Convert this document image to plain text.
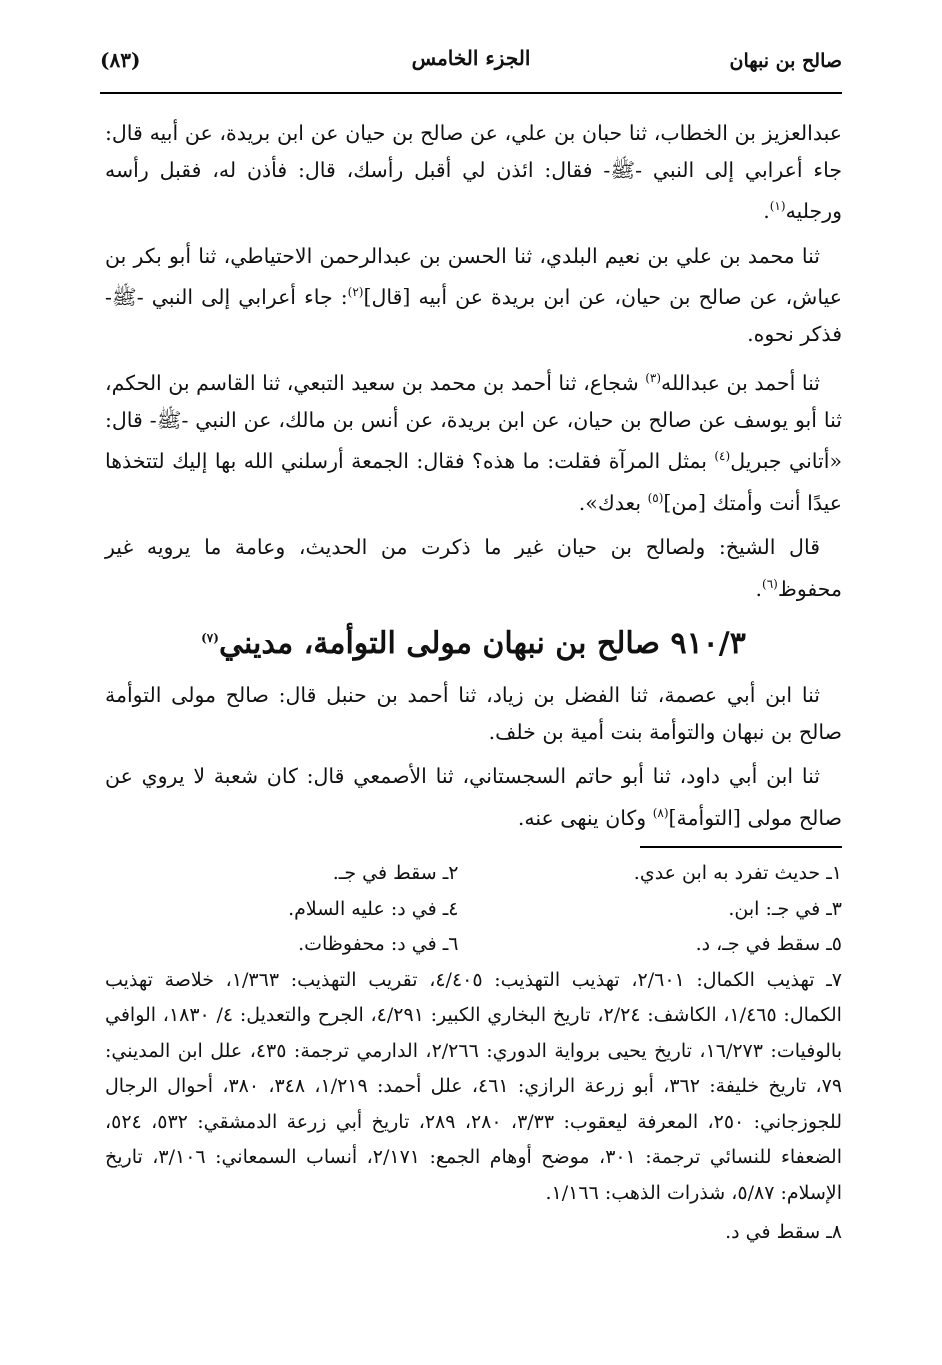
صالح بن نبهان
الجزء الخامس
(٨٣)

عبدالعزيز بن الخطاب، ثنا حبان بن علي، عن صالح بن حيان عن ابن بريدة، عن أبيه قال: جاء أعرابي إلى النبي -ﷺ- فقال: ائذن لي أقبل رأسك، قال: فأذن له، فقبل رأسه ورجليه$^{(١)}$.

ثنا محمد بن علي بن نعيم البلدي، ثنا الحسن بن عبدالرحمن الاحتياطي، ثنا أبو بكر بن عياش، عن صالح بن حيان، عن ابن بريدة عن أبيه [قال]$^{(٢)}$: جاء أعرابي إلى النبي -ﷺ- فذكر نحوه.

ثنا أحمد بن عبدالله$^{(٣)}$ شجاع، ثنا أحمد بن محمد بن سعيد التبعي، ثنا القاسم بن الحكم، ثنا أبو يوسف عن صالح بن حيان، عن ابن بريدة، عن أنس بن مالك، عن النبي -ﷺ- قال: «أتاني جبريل$^{(٤)}$ بمثل المرآة فقلت: ما هذه؟ فقال: الجمعة أرسلني الله بها إليك لتتخذها عيدًا أنت وأمتك [من]$^{(٥)}$ بعدك».

قال الشيخ: ولصالح بن حيان غير ما ذكرت من الحديث، وعامة ما يرويه غير محفوظ$^{(٦)}$.

٩١٠/٣ صالح بن نبهان مولى التوأمة، مديني$^{(٧)}$

ثنا ابن أبي عصمة، ثنا الفضل بن زياد، ثنا أحمد بن حنبل قال: صالح مولى التوأمة صالح بن نبهان والتوأمة بنت أمية بن خلف.

ثنا ابن أبي داود، ثنا أبو حاتم السجستاني، ثنا الأصمعي قال: كان شعبة لا يروي عن صالح مولى [التوأمة]$^{(٨)}$ وكان ينهى عنه.

١ـ حديث تفرد به ابن عدي.
٢ـ سقط في جـ.
٣ـ في جـ: ابن.
٤ـ في د: عليه السلام.
٥ـ سقط في جـ، د.
٦ـ في د: محفوظات.
٧ـ تهذيب الكمال: ٢/٦٠١، تهذيب التهذيب: ٤/٤٠٥، تقريب التهذيب: ١/٣٦٣، خلاصة تهذيب الكمال: ١/٤٦٥، الكاشف: ٢/٢٤، تاريخ البخاري الكبير: ٤/٢٩١، الجرح والتعديل: ٤/ ١٨٣٠، الوافي بالوفيات: ١٦/٢٧٣، تاريخ يحيى برواية الدوري: ٢/٢٦٦، الدارمي ترجمة: ٤٣٥، علل ابن المديني: ٧٩، تاريخ خليفة: ٣٦٢، أبو زرعة الرازي: ٤٦١، علل أحمد: ١/٢١٩، ٣٤٨، ٣٨٠، أحوال الرجال للجوزجاني: ٢٥٠، المعرفة ليعقوب: ٣/٣٣، ٢٨٠، ٢٨٩، تاريخ أبي زرعة الدمشقي: ٥٣٢، ٥٢٤، الضعفاء للنسائي ترجمة: ٣٠١، موضح أوهام الجمع: ٢/١٧١، أنساب السمعاني: ٣/١٠٦، تاريخ الإسلام: ٥/٨٧، شذرات الذهب: ١/١٦٦.
٨ـ سقط في د.
